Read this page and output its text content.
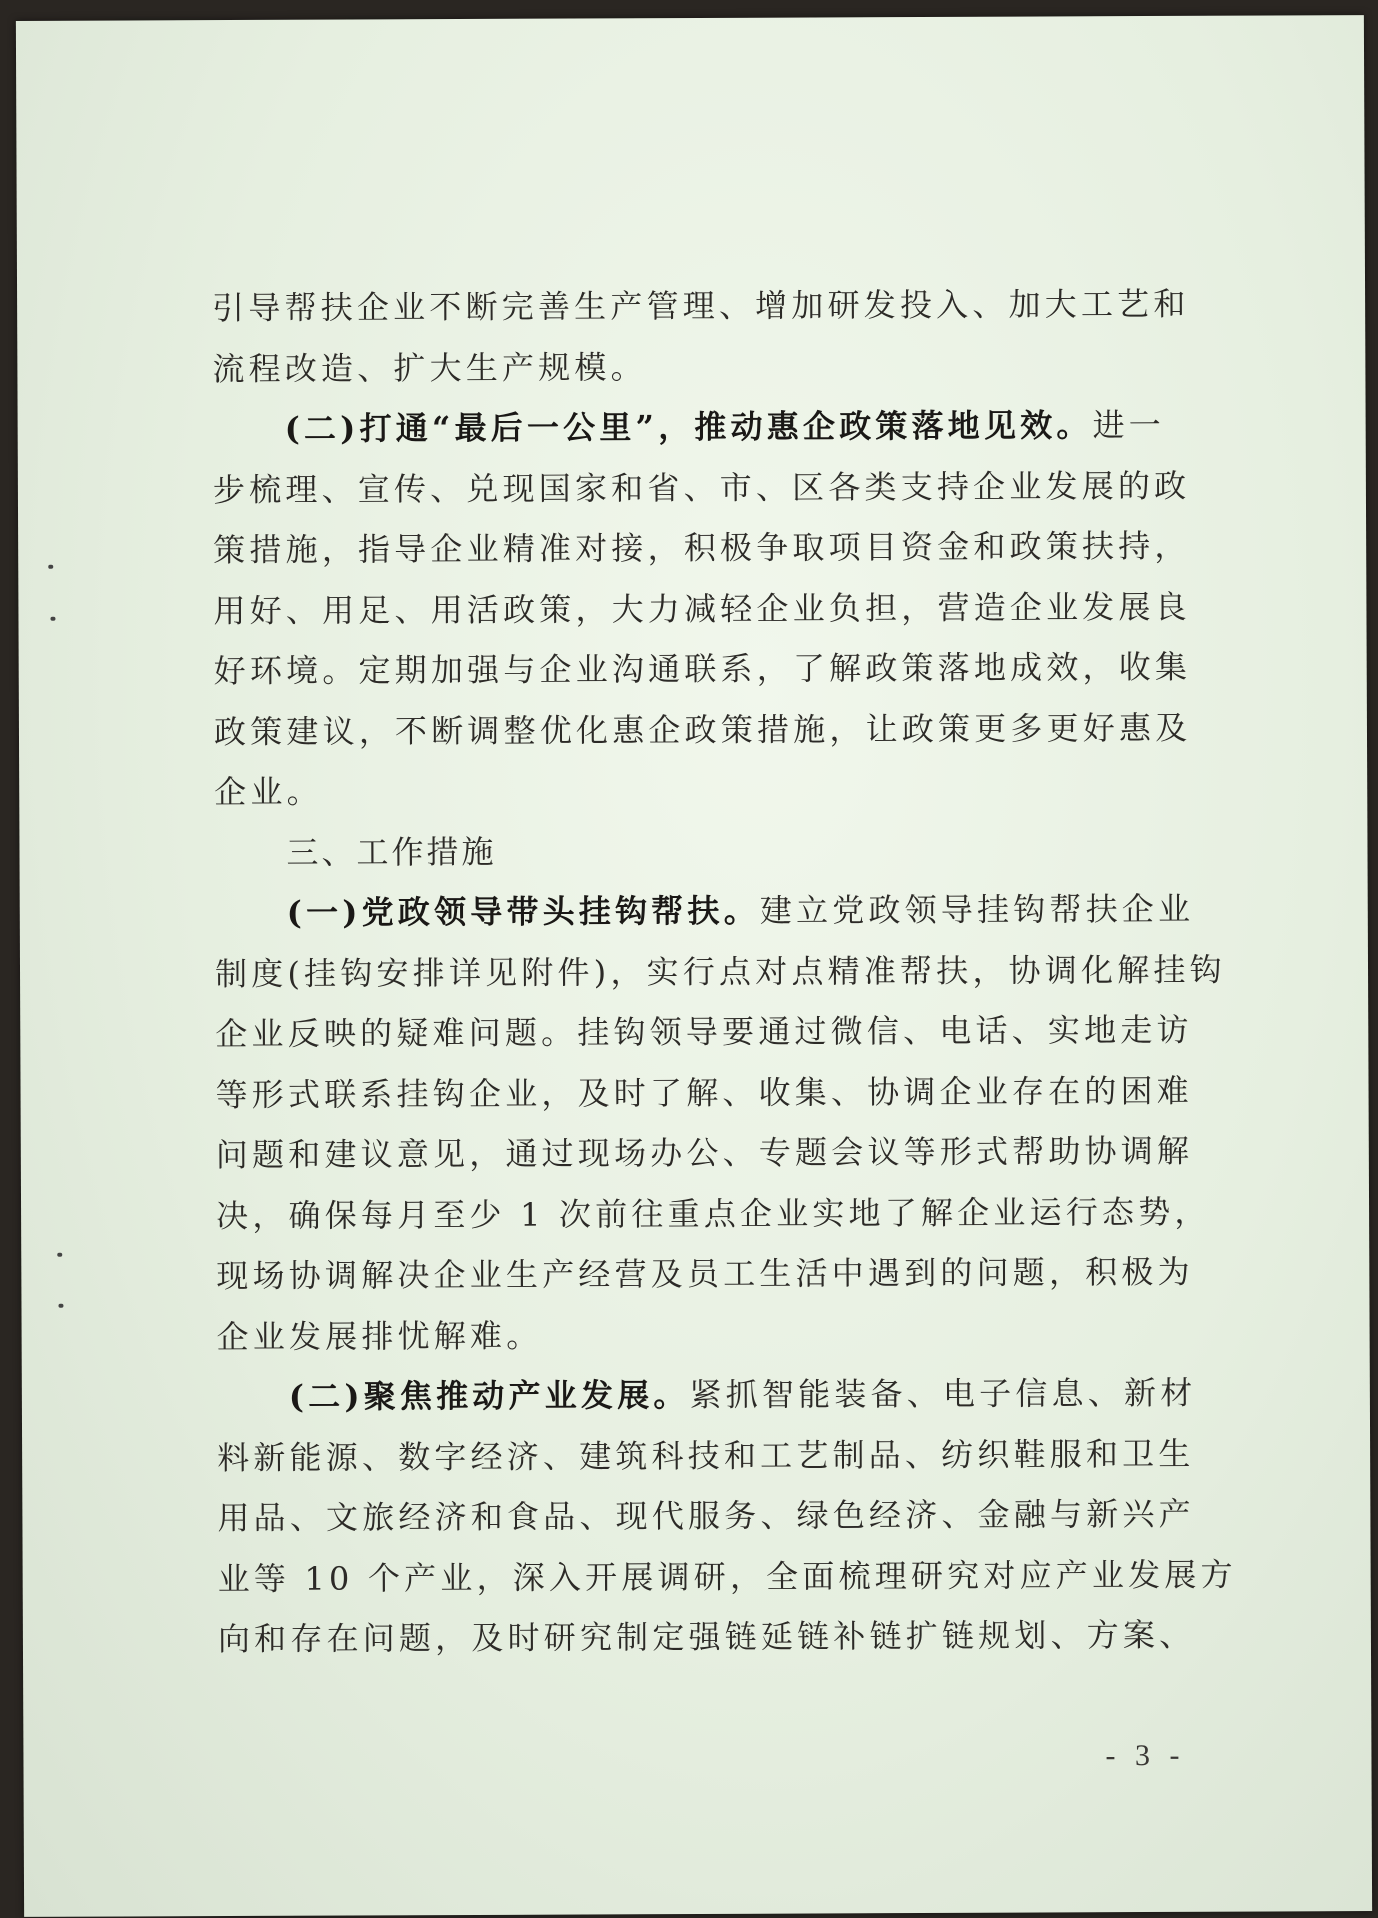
引导帮扶企业不断完善生产管理、增加研发投入、加大工艺和
流程改造、扩大生产规模。
(二)打通“最后一公里”，推动惠企政策落地见效。进一
步梳理、宣传、兑现国家和省、市、区各类支持企业发展的政
策措施，指导企业精准对接，积极争取项目资金和政策扶持，
用好、用足、用活政策，大力减轻企业负担，营造企业发展良
好环境。定期加强与企业沟通联系，了解政策落地成效，收集
政策建议，不断调整优化惠企政策措施，让政策更多更好惠及
企业。
三、工作措施
(一)党政领导带头挂钩帮扶。建立党政领导挂钩帮扶企业
制度(挂钩安排详见附件)，实行点对点精准帮扶，协调化解挂钩
企业反映的疑难问题。挂钩领导要通过微信、电话、实地走访
等形式联系挂钩企业，及时了解、收集、协调企业存在的困难
问题和建议意见，通过现场办公、专题会议等形式帮助协调解
决，确保每月至少 1 次前往重点企业实地了解企业运行态势，
现场协调解决企业生产经营及员工生活中遇到的问题，积极为
企业发展排忧解难。
(二)聚焦推动产业发展。紧抓智能装备、电子信息、新材
料新能源、数字经济、建筑科技和工艺制品、纺织鞋服和卫生
用品、文旅经济和食品、现代服务、绿色经济、金融与新兴产
业等 10 个产业，深入开展调研，全面梳理研究对应产业发展方
向和存在问题，及时研究制定强链延链补链扩链规划、方案、
- 3 -
